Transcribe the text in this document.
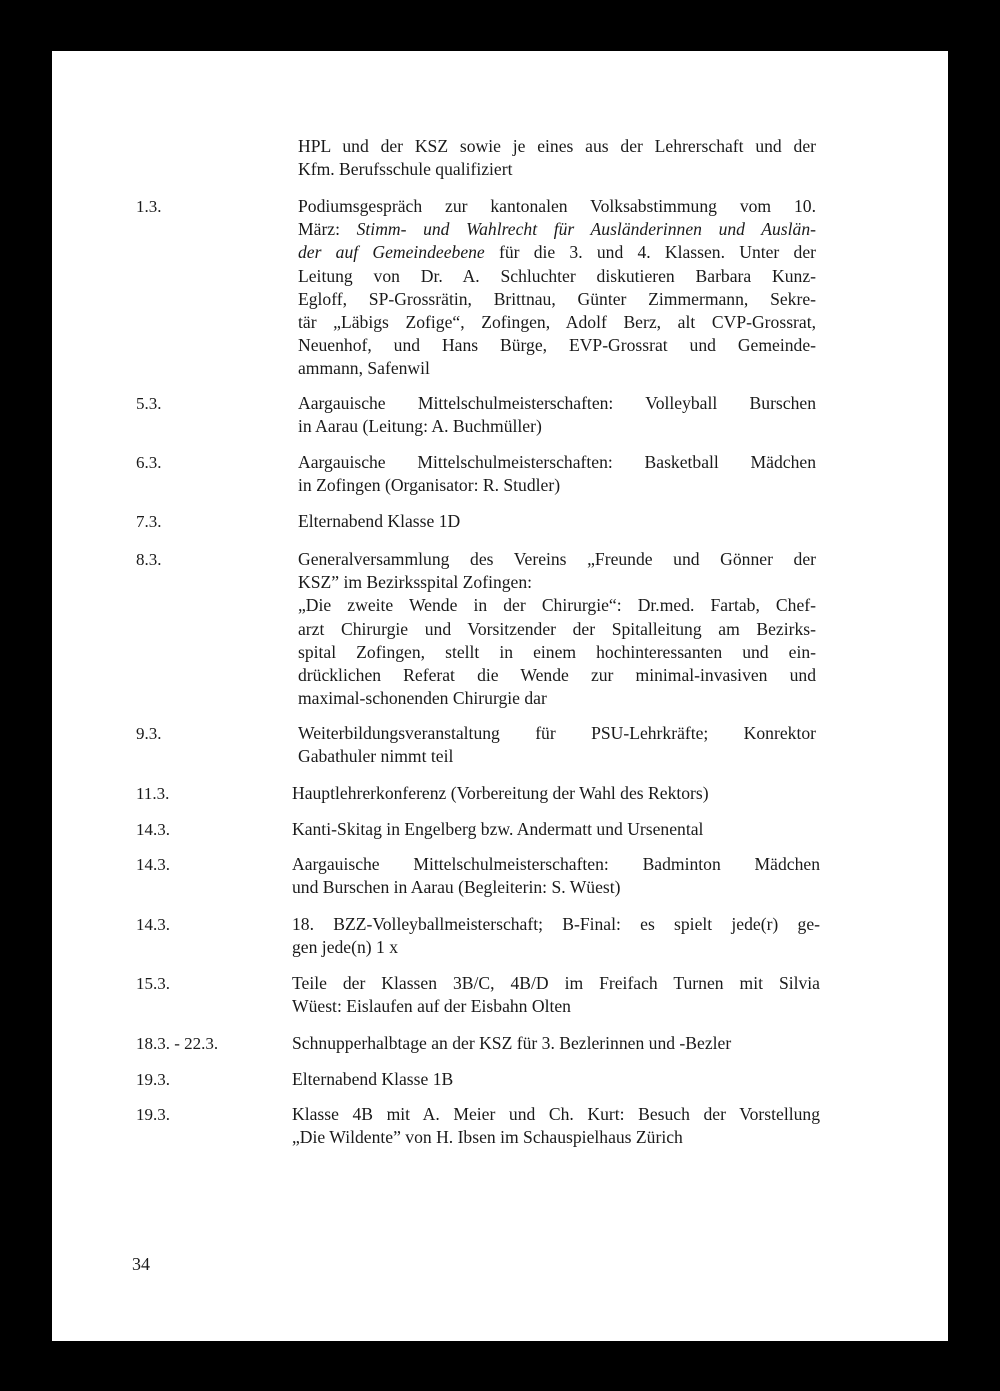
HPL und der KSZ sowie je eines aus der Lehrerschaft und der
Kfm. Berufsschule qualifiziert
1.3.	Podiumsgespräch zur kantonalen Volksabstimmung vom 10.
März: Stimm- und Wahlrecht für Ausländerinnen und Auslän-
der auf Gemeindeebene für die 3. und 4. Klassen. Unter der
Leitung von Dr. A. Schluchter diskutieren Barbara Kunz-
Egloff, SP-Grossrätin, Brittnau, Günter Zimmermann, Sekre-
tär „Läbigs Zofige“, Zofingen, Adolf Berz, alt CVP-Grossrat,
Neuenhof, und Hans Bürge, EVP-Grossrat und Gemeinde-
ammann, Safenwil
5.3.	Aargauische Mittelschulmeisterschaften: Volleyball Burschen
in Aarau (Leitung: A. Buchmüller)
6.3.	Aargauische Mittelschulmeisterschaften: Basketball Mädchen
in Zofingen (Organisator: R. Studler)
7.3.	Elternabend Klasse 1D
8.3.	Generalversammlung des Vereins „Freunde und Gönner der
KSZ” im Bezirksspital Zofingen:
„Die zweite Wende in der Chirurgie“: Dr.med. Fartab, Chef-
arzt Chirurgie und Vorsitzender der Spitalleitung am Bezirks-
spital Zofingen, stellt in einem hochinteressanten und ein-
drücklichen Referat die Wende zur minimal-invasiven und
maximal-schonenden Chirurgie dar
9.3.	Weiterbildungsveranstaltung für PSU-Lehrkräfte; Konrektor
Gabathuler nimmt teil
11.3.	Hauptlehrerkonferenz (Vorbereitung der Wahl des Rektors)
14.3.	Kanti-Skitag in Engelberg bzw. Andermatt und Ursenental
14.3.	Aargauische Mittelschulmeisterschaften: Badminton Mädchen
und Burschen in Aarau (Begleiterin: S. Wüest)
14.3.	18. BZZ-Volleyballmeisterschaft; B-Final: es spielt jede(r) ge-
gen jede(n) 1 x
15.3.	Teile der Klassen 3B/C, 4B/D im Freifach Turnen mit Silvia
Wüest: Eislaufen auf der Eisbahn Olten
18.3. - 22.3.	Schnupperhalbtage an der KSZ für 3. Bezlerinnen und -Bezler
19.3.	Elternabend Klasse 1B
19.3.	Klasse 4B mit A. Meier und Ch. Kurt: Besuch der Vorstellung
„Die Wildente” von H. Ibsen im Schauspielhaus Zürich
34
